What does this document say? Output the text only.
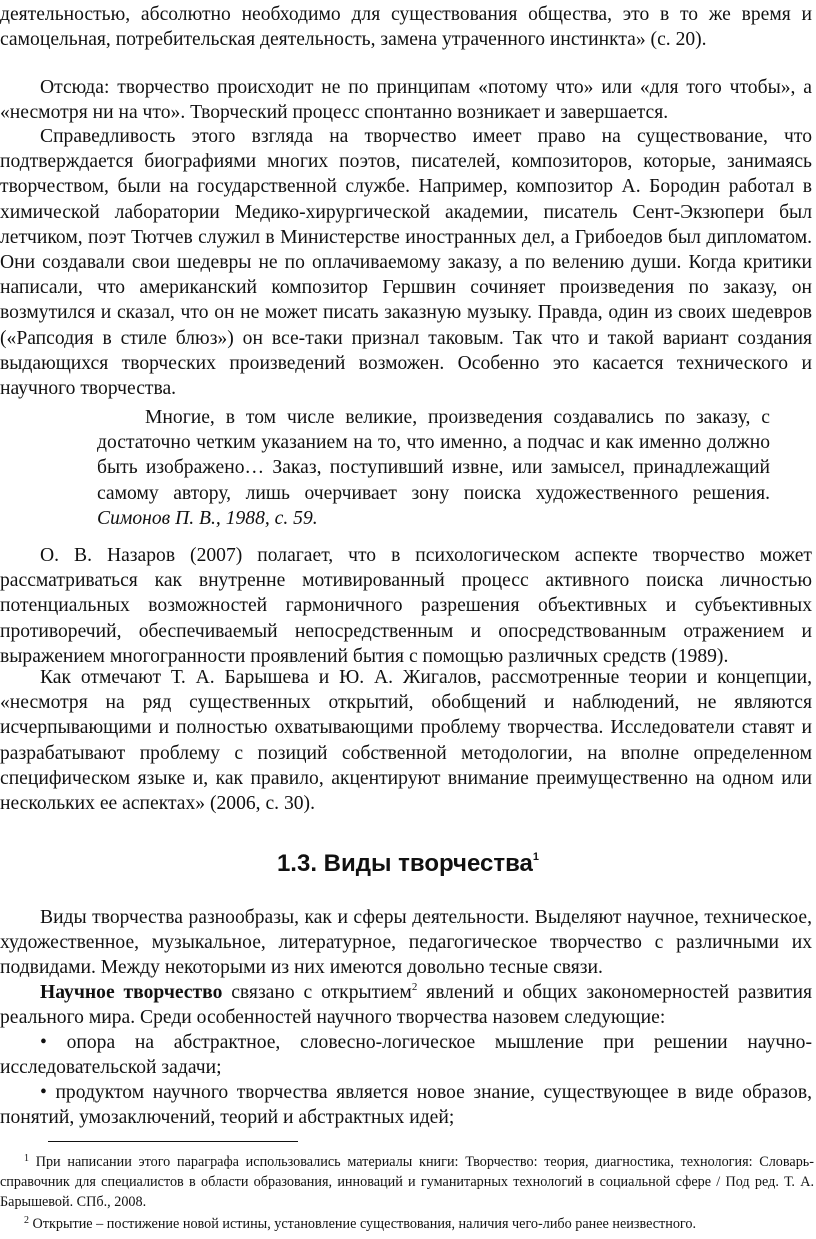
деятельностью, абсолютно необходимо для существования общества, это в то же время и самоцельная, потребительская деятельность, замена утраченного инстинкта» (с. 20).

Отсюда: творчество происходит не по принципам «потому что» или «для того чтобы», а «несмотря ни на что». Творческий процесс спонтанно возникает и завершается.

Справедливость этого взгляда на творчество имеет право на существование, что подтверждается биографиями многих поэтов, писателей, композиторов, которые, занимаясь творчеством, были на государственной службе. Например, композитор А. Бородин работал в химической лаборатории Медико-хирургической академии, писатель Сент-Экзюпери был летчиком, поэт Тютчев служил в Министерстве иностранных дел, а Грибоедов был дипломатом. Они создавали свои шедевры не по оплачиваемому заказу, а по велению души. Когда критики написали, что американский композитор Гершвин сочиняет произведения по заказу, он возмутился и сказал, что он не может писать заказную музыку. Правда, один из своих шедевров («Рапсодия в стиле блюз») он все-таки признал таковым. Так что и такой вариант создания выдающихся творческих произведений возможен. Особенно это касается технического и научного творчества.

Многие, в том числе великие, произведения создавались по заказу, с достаточно четким указанием на то, что именно, а подчас и как именно должно быть изображено… Заказ, поступивший извне, или замысел, принадлежащий самому автору, лишь очерчивает зону поиска художественного решения. Симонов П. В., 1988, с. 59.

О. В. Назаров (2007) полагает, что в психологическом аспекте творчество может рассматриваться как внутренне мотивированный процесс активного поиска личностью потенциальных возможностей гармоничного разрешения объективных и субъективных противоречий, обеспечиваемый непосредственным и опосредствованным отражением и выражением многогранности проявлений бытия с помощью различных средств (1989).

Как отмечают Т. А. Барышева и Ю. А. Жигалов, рассмотренные теории и концепции, «несмотря на ряд существенных открытий, обобщений и наблюдений, не являются исчерпывающими и полностью охватывающими проблему творчества. Исследователи ставят и разрабатывают проблему с позиций собственной методологии, на вполне определенном специфическом языке и, как правило, акцентируют внимание преимущественно на одном или нескольких ее аспектах» (2006, с. 30).

1.3. Виды творчества$^1$

Виды творчества разнообразы, как и сферы деятельности. Выделяют научное, техническое, художественное, музыкальное, литературное, педагогическое творчество с различными их подвидами. Между некоторыми из них имеются довольно тесные связи.

Научное творчество связано с открытием$^2$ явлений и общих закономерностей развития реального мира. Среди особенностей научного творчества назовем следующие:

• опора на абстрактное, словесно-логическое мышление при решении научно-исследовательской задачи;

• продуктом научного творчества является новое знание, существующее в виде образов, понятий, умозаключений, теорий и абстрактных идей;

$^1$ При написании этого параграфа использовались материалы книги: Творчество: теория, диагностика, технология: Словарь-справочник для специалистов в области образования, инноваций и гуманитарных технологий в социальной сфере / Под ред. Т. А. Барышевой. СПб., 2008.

$^2$ Открытие – постижение новой истины, установление существования, наличия чего-либо ранее неизвестного.
